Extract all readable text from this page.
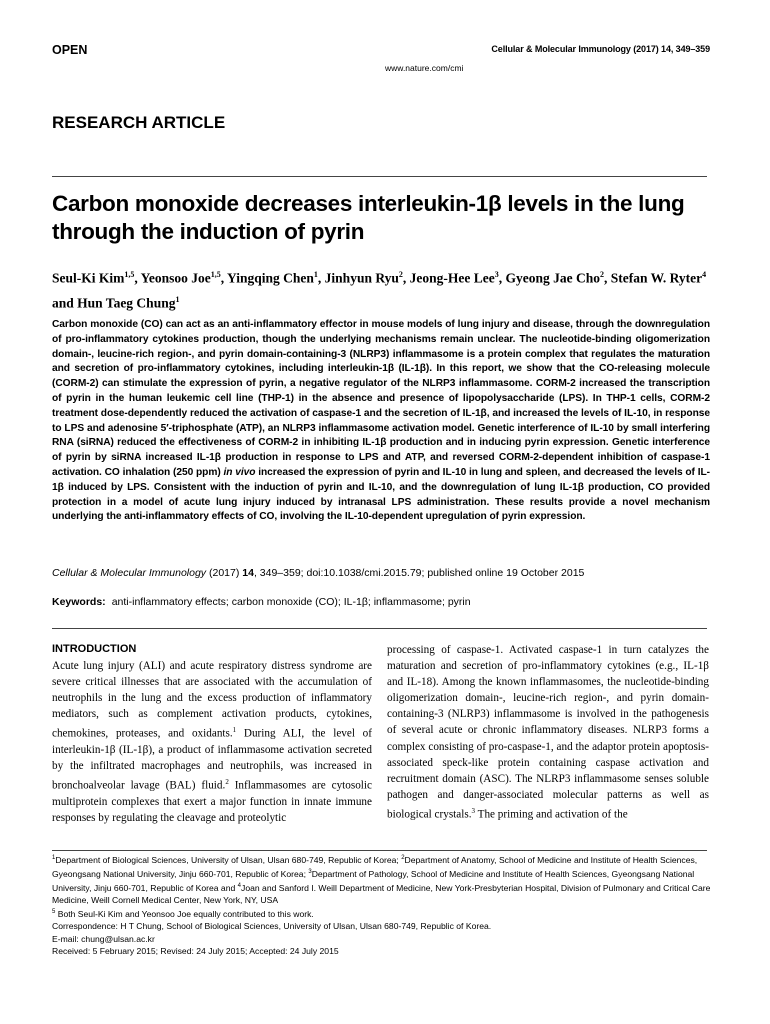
OPEN	Cellular & Molecular Immunology (2017) 14, 349–359
www.nature.com/cmi
RESEARCH ARTICLE
Carbon monoxide decreases interleukin-1β levels in the lung through the induction of pyrin
Seul-Ki Kim$^{1,5}$, Yeonsoo Joe$^{1,5}$, Yingqing Chen$^1$, Jinhyun Ryu$^2$, Jeong-Hee Lee$^3$, Gyeong Jae Cho$^2$, Stefan W. Ryter$^4$ and Hun Taeg Chung$^1$
Carbon monoxide (CO) can act as an anti-inflammatory effector in mouse models of lung injury and disease, through the downregulation of pro-inflammatory cytokines production, though the underlying mechanisms remain unclear. The nucleotide-binding oligomerization domain-, leucine-rich region-, and pyrin domain-containing-3 (NLRP3) inflammasome is a protein complex that regulates the maturation and secretion of pro-inflammatory cytokines, including interleukin-1β (IL-1β). In this report, we show that the CO-releasing molecule (CORM-2) can stimulate the expression of pyrin, a negative regulator of the NLRP3 inflammasome. CORM-2 increased the transcription of pyrin in the human leukemic cell line (THP-1) in the absence and presence of lipopolysaccharide (LPS). In THP-1 cells, CORM-2 treatment dose-dependently reduced the activation of caspase-1 and the secretion of IL-1β, and increased the levels of IL-10, in response to LPS and adenosine 5′-triphosphate (ATP), an NLRP3 inflammasome activation model. Genetic interference of IL-10 by small interfering RNA (siRNA) reduced the effectiveness of CORM-2 in inhibiting IL-1β production and in inducing pyrin expression. Genetic interference of pyrin by siRNA increased IL-1β production in response to LPS and ATP, and reversed CORM-2-dependent inhibition of caspase-1 activation. CO inhalation (250 ppm) in vivo increased the expression of pyrin and IL-10 in lung and spleen, and decreased the levels of IL-1β induced by LPS. Consistent with the induction of pyrin and IL-10, and the downregulation of lung IL-1β production, CO provided protection in a model of acute lung injury induced by intranasal LPS administration. These results provide a novel mechanism underlying the anti-inflammatory effects of CO, involving the IL-10-dependent upregulation of pyrin expression.
Cellular & Molecular Immunology (2017) 14, 349–359; doi:10.1038/cmi.2015.79; published online 19 October 2015
Keywords: anti-inflammatory effects; carbon monoxide (CO); IL-1β; inflammasome; pyrin
INTRODUCTION
Acute lung injury (ALI) and acute respiratory distress syndrome are severe critical illnesses that are associated with the accumulation of neutrophils in the lung and the excess production of inflammatory mediators, such as complement activation products, cytokines, chemokines, proteases, and oxidants.$^1$ During ALI, the level of interleukin-1β (IL-1β), a product of inflammasome activation secreted by the infiltrated macrophages and neutrophils, was increased in bronchoalveolar lavage (BAL) fluid.$^2$ Inflammasomes are cytosolic multiprotein complexes that exert a major function in innate immune responses by regulating the cleavage and proteolytic
processing of caspase-1. Activated caspase-1 in turn catalyzes the maturation and secretion of pro-inflammatory cytokines (e.g., IL-1β and IL-18). Among the known inflammasomes, the nucleotide-binding oligomerization domain-, leucine-rich region-, and pyrin domain-containing-3 (NLRP3) inflammasome is involved in the pathogenesis of several acute or chronic inflammatory diseases. NLRP3 forms a complex consisting of pro-caspase-1, and the adaptor protein apoptosis-associated speck-like protein containing caspase activation and recruitment domain (ASC). The NLRP3 inflammasome senses soluble pathogen and danger-associated molecular patterns as well as biological crystals.$^3$ The priming and activation of the

$^1$Department of Biological Sciences, University of Ulsan, Ulsan 680-749, Republic of Korea; $^2$Department of Anatomy, School of Medicine and Institute of Health Sciences, Gyeongsang National University, Jinju 660-701, Republic of Korea; $^3$Department of Pathology, School of Medicine and Institute of Health Sciences, Gyeongsang National University, Jinju 660-701, Republic of Korea and $^4$Joan and Sanford I. Weill Department of Medicine, New York-Presbyterian Hospital, Division of Pulmonary and Critical Care Medicine, Weill Cornell Medical Center, New York, NY, USA

$^5$ Both Seul-Ki Kim and Yeonsoo Joe equally contributed to this work.

Correspondence: H T Chung, School of Biological Sciences, University of Ulsan, Ulsan 680-749, Republic of Korea.

E-mail: chung@ulsan.ac.kr

Received: 5 February 2015; Revised: 24 July 2015; Accepted: 24 July 2015
